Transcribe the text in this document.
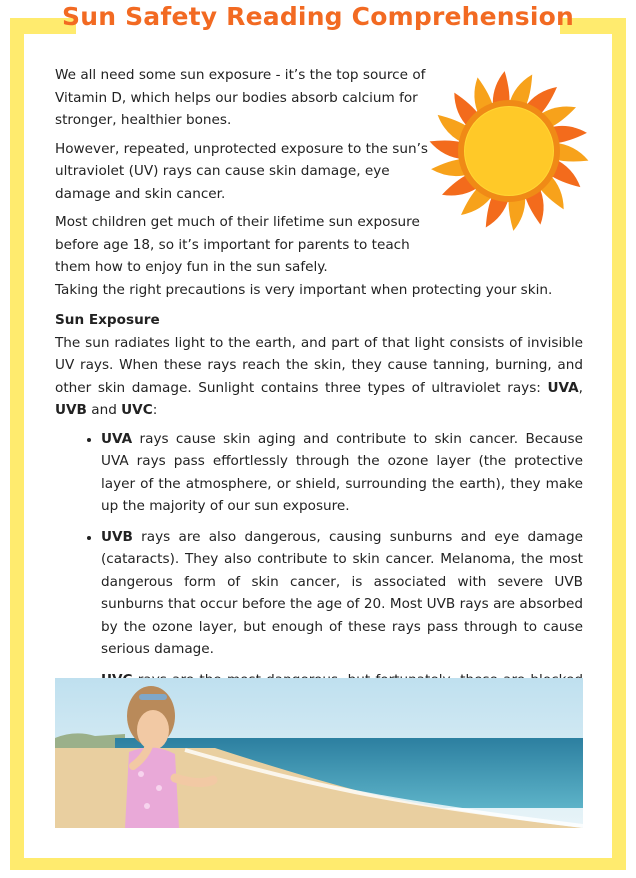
Sun Safety Reading Comprehension

We all need some sun exposure - it’s the top source of Vitamin D, which helps our bodies absorb calcium for stronger, healthier bones.

However, repeated, unprotected exposure to the sun’s ultraviolet (UV) rays can cause skin damage, eye damage and skin cancer.

Most children get much of their lifetime sun exposure before age 18, so it’s important for parents to teach them how to enjoy fun in the sun safely.

Taking the right precautions is very important when protecting your skin.

Sun Exposure

The sun radiates light to the earth, and part of that light consists of invisible UV rays. When these rays reach the skin, they cause tanning, burning, and other skin damage. Sunlight contains three types of ultraviolet rays: UVA, UVB and UVC:

• UVA rays cause skin aging and contribute to skin cancer. Because UVA rays pass effortlessly through the ozone layer (the protective layer of the atmosphere, or shield, surrounding the earth), they make up the majority of our sun exposure.
• UVB rays are also dangerous, causing sunburns and eye damage (cataracts). They also contribute to skin cancer. Melanoma, the most dangerous form of skin cancer, is associated with severe UVB sunburns that occur before the age of 20. Most UVB rays are absorbed by the ozone layer, but enough of these rays pass through to cause serious damage.
•
